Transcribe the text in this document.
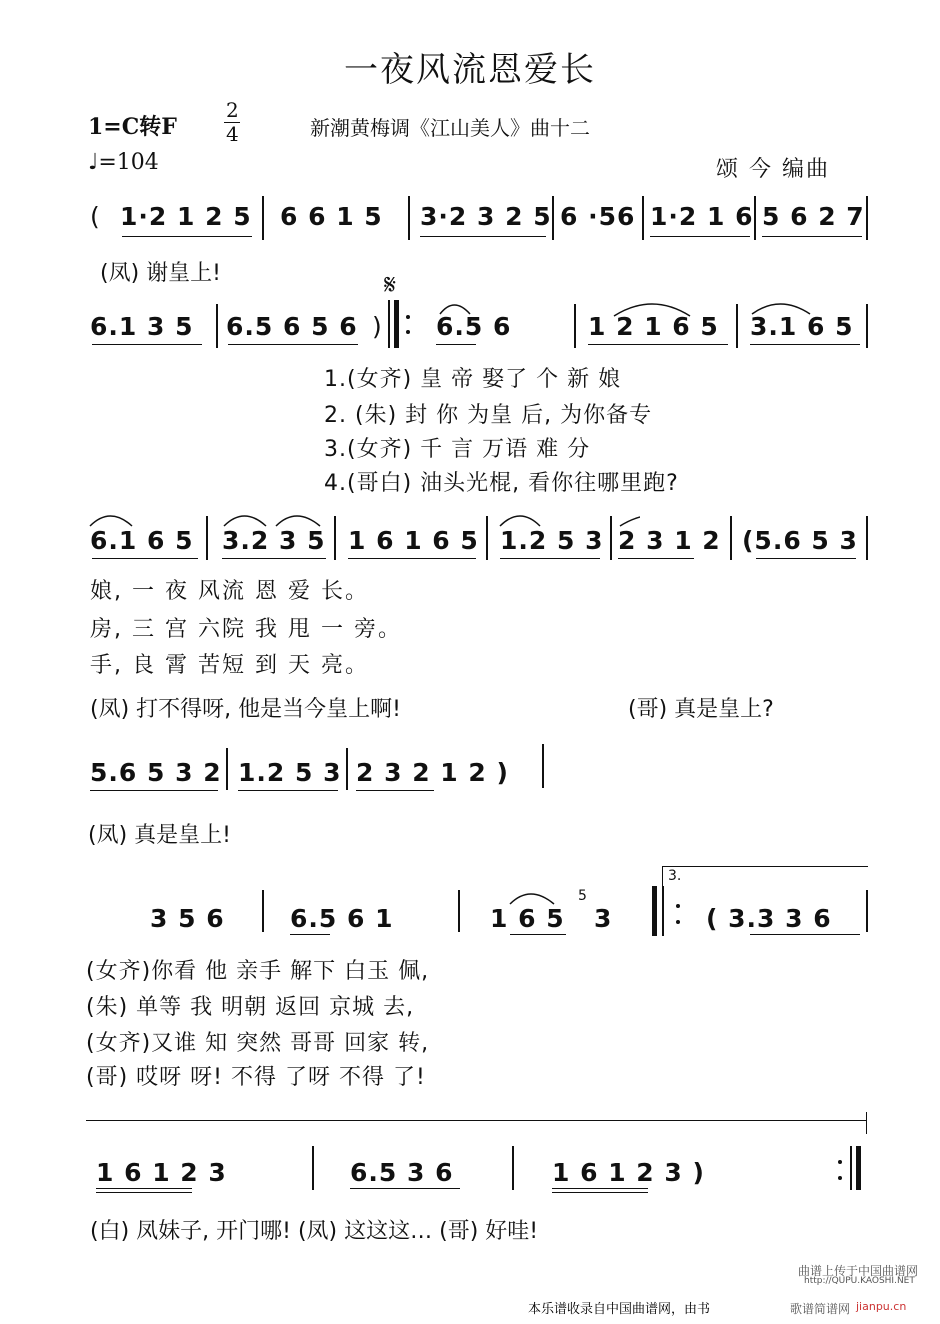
一夜风流恩爱长
1=C转F
2
4	新潮黄梅调《江山美人》曲十二
♩=104	颂 今 编曲
( 1·2 1 2 5 6 6 1 5 3·2 3 2 5 6 ·56 1·2 1 6 5 6 2 7
(凤) 谢皇上!
6.1 3 5 6.5 6 5 6 )
𝄋
6.5 6	1 2 1 6 5 3.1 6 5
1.(女齐) 皇 帝 娶了 个 新 娘
2. (朱) 封 你 为皇 后, 为你备专
3.(女齐) 千 言 万语 难 分
4.(哥白) 油头光棍, 看你往哪里跑?
6.1 6 5 3.2 3 5 1 6 1 6 5 1.2 5 3 2 3 1 2 (5.6 5 3
娘, 一 夜 风流 恩 爱 长。
房, 三 宫 六院 我 甩 一 旁。
手, 良 霄 苦短 到 天 亮。
(凤) 打不得呀, 他是当今皇上啊!	(哥) 真是皇上?
5.6 5 3 2 1.2 5 3 2 3 2 1 2 )
(凤) 真是皇上!
3 5 6	6.5 6 1	1 6 5
5
3
3.
( 3.3 3 6
(女齐)你看 他 亲手 解下 白玉 佩,
(朱) 单等 我 明朝 返回 京城 去,
(女齐)又谁 知 突然 哥哥 回家 转,
(哥) 哎呀 呀! 不得 了呀 不得 了!
1 6 1 2 3	6.5 3 6	1 6 1 2 3 )
(白) 凤妹子, 开门哪! (凤) 这这这… (哥) 好哇!
本乐谱收录自中国曲谱网，由书
曲谱上传于中国曲谱网
http://QUPU.KAOSHI.NET
歌谱简谱网 jianpu.cn
